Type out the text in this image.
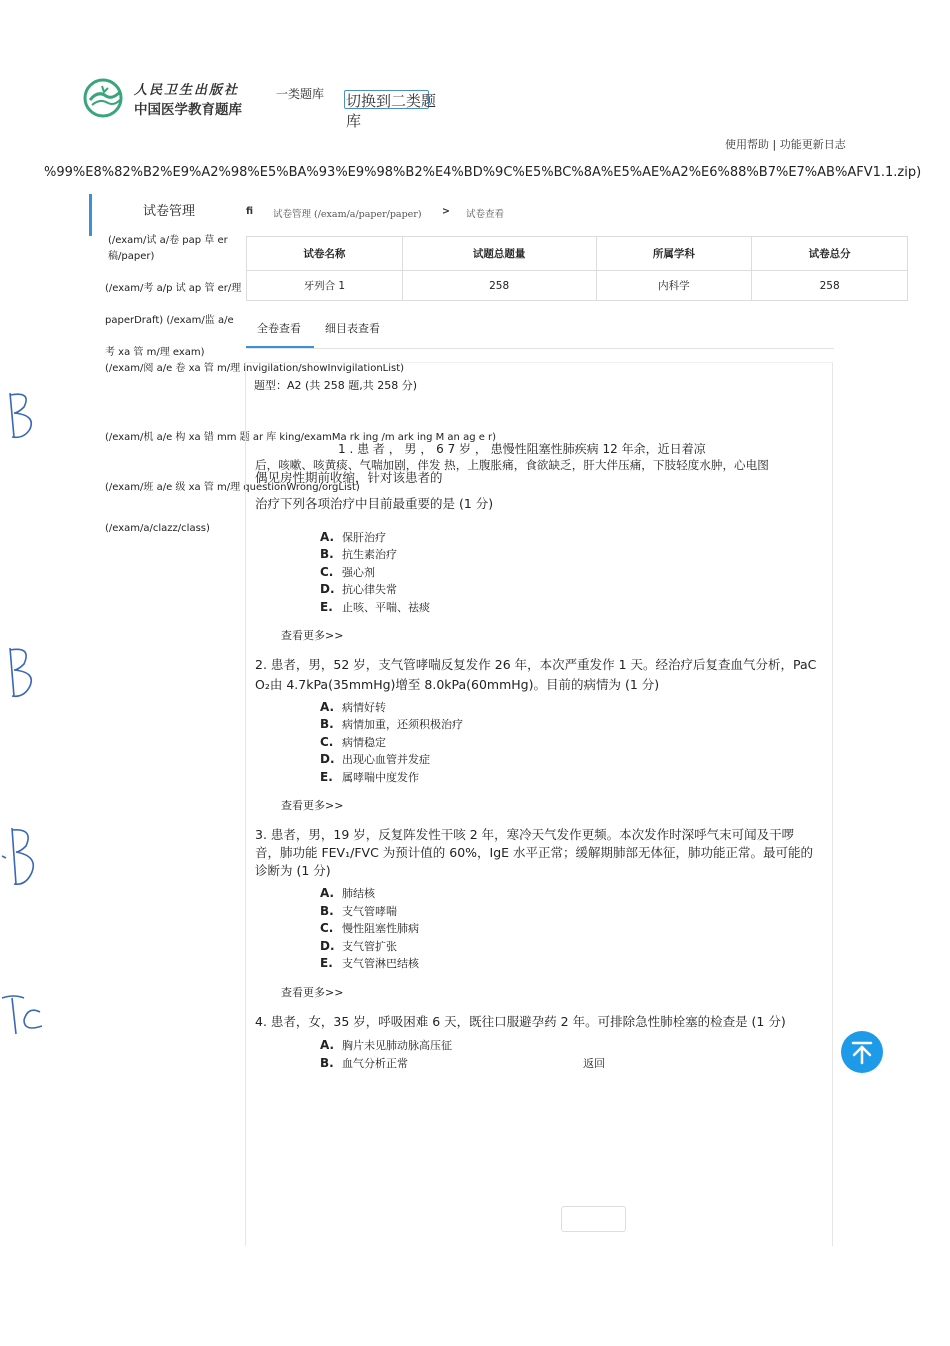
人民卫生出版社
中国医学教育题库
一类题库 切换到二类题库
使用帮助 | 功能更新日志
%99%E8%82%B2%E9%A2%98%E5%BA%93%E9%98%B2%E4%BD%9C%E5%BC%8A%E5%AE%A2%E6%88%B7%E7%AB%AFV1.1.zip)
试卷管理
(/exam/试 a/卷 pap 草 er
稿/paper)
(/exam/考 a/p 试 ap 管 er/理
paperDraft) (/exam/监 a/e
考 xa 管 m/理 exam)
(/exam/阅 a/e 卷 xa 管 m/理 invigilation/showInvigilationList)
(/exam/机 a/e 构 xa 错 mm 题 ar 库 king/examMa rk ing /m ark ing M an ag e r)
(/exam/班 a/e 级 xa 管 m/理 questionWrong/orgList)
(/exam/a/clazz/class)
fi 试卷管理 (/exam/a/paper/paper) > 试卷查看
试卷名称	试题总题量	所属学科	试卷总分
牙列合 1	258	内科学	258
全卷查看 细目表查看
题型：A2 (共 258 题,共 258 分)
1 . 患 者 ， 男 ， 6 7 岁 ， 患慢性阻塞性肺疾病 12 年余，近日着凉
后，咳嗽、咳黄痰、气喘加剧，伴发 热，上腹胀痛，食欲缺乏，肝大伴压痛，下肢轻度水肿，心电图
偶见房性期前收缩，针对该患者的
治疗下列各项治疗中目前最重要的是 (1 分)
A. 保肝治疗
B. 抗生素治疗
C. 强心剂
D. 抗心律失常
E. 止咳、平喘、祛痰
查看更多>>
2. 患者，男，52 岁，支气管哮喘反复发作 26 年，本次严重发作 1 天。经治疗后复查血气分析，PaC
O₂由 4.7kPa(35mmHg)增至 8.0kPa(60mmHg)。目前的病情为 (1 分)
A. 病情好转
B. 病情加重，还须积极治疗
C. 病情稳定
D. 出现心血管并发症
E. 属哮喘中度发作
查看更多>>
3. 患者，男，19 岁，反复阵发性干咳 2 年，寒冷天气发作更频。本次发作时深呼气末可闻及干啰
音，肺功能 FEV₁/FVC 为预计值的 60%，IgE 水平正常；缓解期肺部无体征，肺功能正常。最可能的
诊断为 (1 分)
A. 肺结核
B. 支气管哮喘
C. 慢性阻塞性肺病
D. 支气管扩张
E. 支气管淋巴结核
查看更多>>
4. 患者，女，35 岁，呼吸困难 6 天，既往口服避孕药 2 年。可排除急性肺栓塞的检查是 (1 分)
A. 胸片未见肺动脉高压征
B. 血气分析正常	返回
